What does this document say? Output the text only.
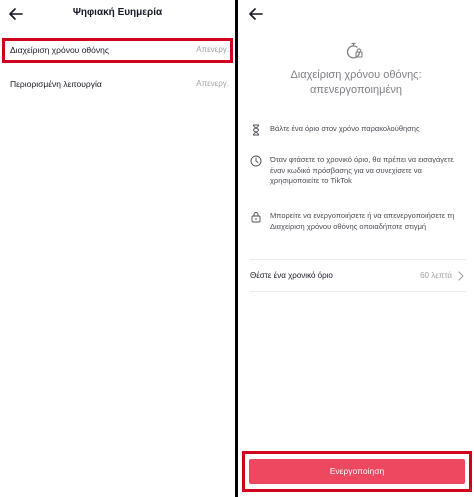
Ψηφιακή Ευημερία
Διαχείριση χρόνου οθόνης	Απενεργ.
Περιορισμένη λειτουργία	Απενεργ.
Διαχείριση χρόνου οθόνης:
απενεργοποιημένη
Βάλτε ένα όριο στον χρόνο παρακολούθησης
Όταν φτάσετε το χρονικό όριο, θα πρέπει να εισαγάγετε έναν κωδικό πρόσβασης για να συνεχίσετε να χρησιμοποιείτε το TikTok
Μπορείτε να ενεργοποιήσετε ή να απενεργοποιήσετε τη Διαχείριση χρόνου οθόνης οποιαδήποτε στιγμή
Θέστε ένα χρονικό όριο	60 λεπτά
Ενεργοποίηση
